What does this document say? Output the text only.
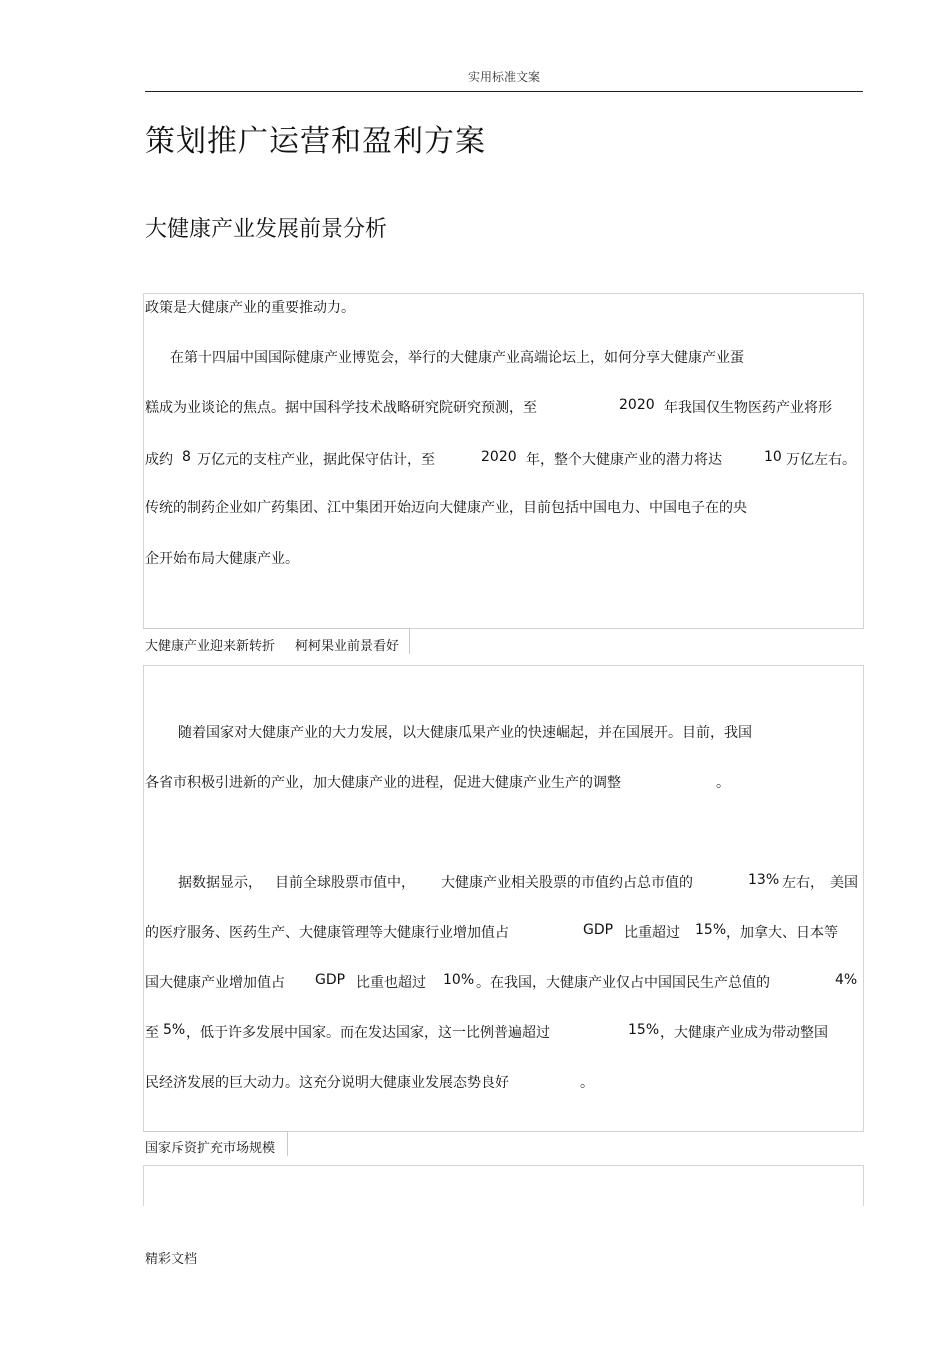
实用标准文案
策划推广运营和盈利方案
大健康产业发展前景分析
政策是大健康产业的重要推动力。
在第十四届中国国际健康产业博览会，举行的大健康产业高端论坛上，如何分享大健康产业蛋
糕成为业谈论的焦点。据中国科学技术战略研究院研究预测，至	2020 年我国仅生物医药产业将形
成约 8 万亿元的支柱产业，据此保守估计，至	2020 年，整个大健康产业的潜力将达	10 万亿左右。
传统的制药企业如广药集团、江中集团开始迈向大健康产业，目前包括中国电力、中国电子在的央
企开始布局大健康产业。
大健康产业迎来新转折 柯柯果业前景看好
随着国家对大健康产业的大力发展，以大健康瓜果产业的快速崛起，并在国展开。目前，我国
各省市积极引进新的产业，加大健康产业的进程，促进大健康产业生产的调整	。
据数据显示， 目前全球股票市值中， 大健康产业相关股票的市值约占总市值的	13% 左右， 美国
的医疗服务、医药生产、大健康管理等大健康行业增加值占	GDP 比重超过 15% ，加拿大、日本等
国大健康产业增加值占 GDP 比重也超过 10% 。在我国，大健康产业仅占中国国民生产总值的	4%
至 5% ，低于许多发展中国家。而在发达国家，这一比例普遍超过	15% ，大健康产业成为带动整国
民经济发展的巨大动力。这充分说明大健康业发展态势良好	。
国家斥资扩充市场规模
精彩文档
